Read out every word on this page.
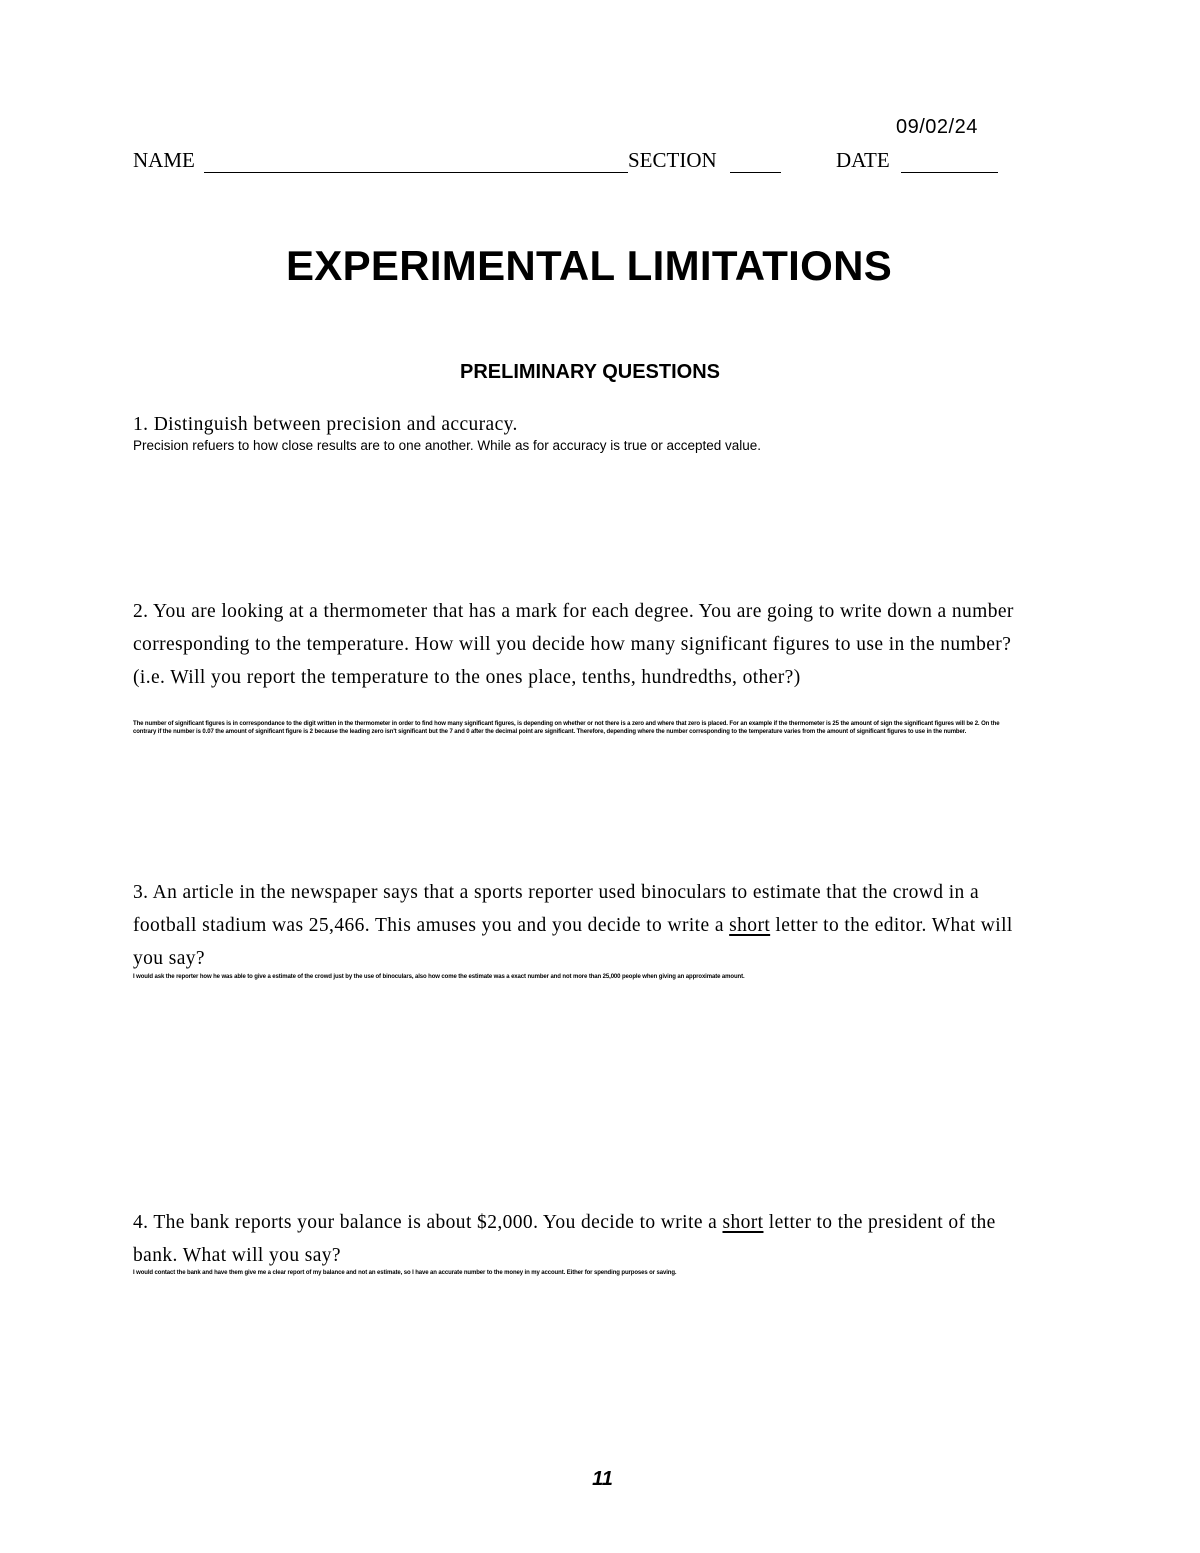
09/02/24
NAME	SECTION	DATE
EXPERIMENTAL LIMITATIONS
PRELIMINARY QUESTIONS
1. Distinguish between precision and accuracy.
Precision refuers to how close results are to one another. While as for accuracy is true or accepted value.
2. You are looking at a thermometer that has a mark for each degree. You are going to write down a number corresponding to the temperature. How will you decide how many significant figures to use in the number? (i.e. Will you report the temperature to the ones place, tenths, hundredths, other?)
The number of significant figures is in correspondance to the digit written in the thermometer in order to find how many significant figures, is depending on whether or not there is a zero and where that zero is placed. For an example if the thermometer is 25 the amount of sign the significant figures will be 2. On the contrary if the number is 0.07 the amount of significant figure is 2 because the leading zero isn't significant but the 7 and 0 after the decimal point are significant. Therefore, depending where the number corresponding to the temperature varies from the amount of significant figures to use in the number.
3. An article in the newspaper says that a sports reporter used binoculars to estimate that the crowd in a football stadium was 25,466. This amuses you and you decide to write a short letter to the editor. What will you say?
I would ask the reporter how he was able to give a estimate of the crowd just by the use of binoculars, also how come the estimate was a exact number and not more than 25,000 people when giving an approximate amount.
4. The bank reports your balance is about $2,000. You decide to write a short letter to the president of the bank. What will you say?
I would contact the bank and have them give me a clear report of my balance and not an estimate, so I have an accurate number to the money in my account. Either for spending purposes or saving.
11
